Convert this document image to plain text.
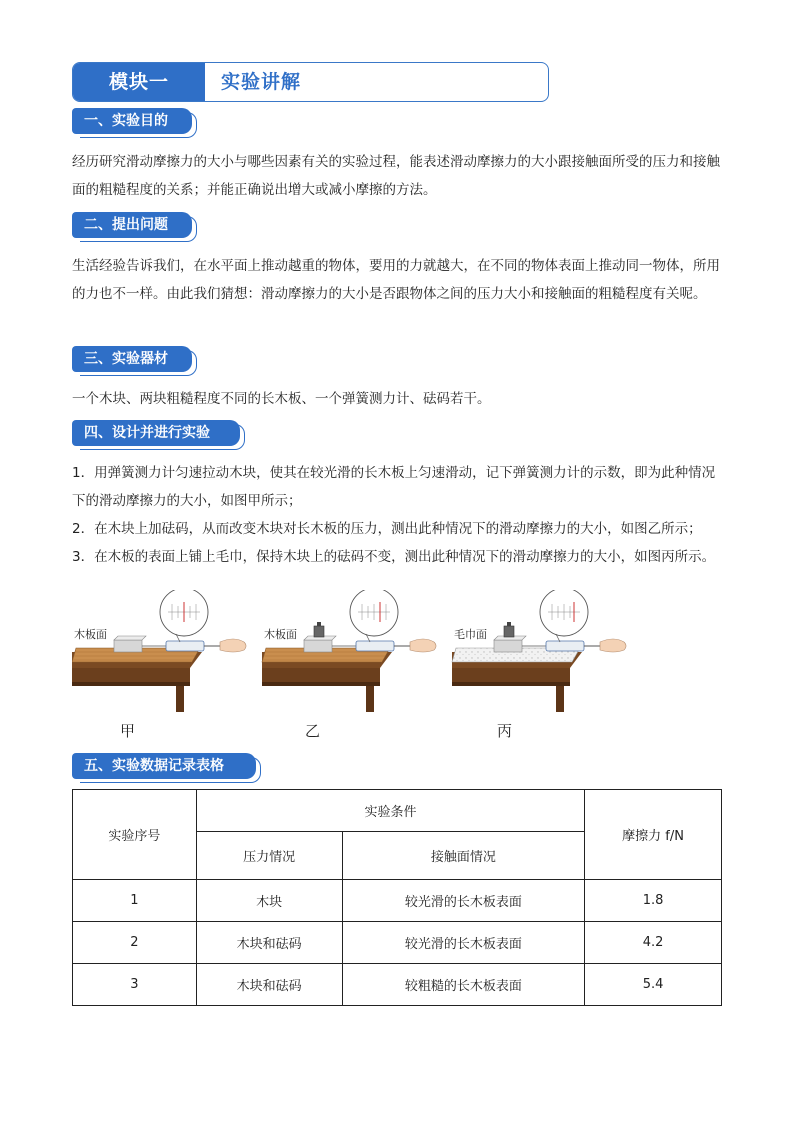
模块一	实验讲解
一、实验目的
经历研究滑动摩擦力的大小与哪些因素有关的实验过程，能表述滑动摩擦力的大小跟接触面所受的压力和接触面的粗糙程度的关系；并能正确说出增大或减小摩擦的方法。
二、提出问题
生活经验告诉我们，在水平面上推动越重的物体，要用的力就越大，在不同的物体表面上推动同一物体，所用的力也不一样。由此我们猜想：滑动摩擦力的大小是否跟物体之间的压力大小和接触面的粗糙程度有关呢。
三、实验器材
一个木块、两块粗糙程度不同的长木板、一个弹簧测力计、砝码若干。
四、设计并进行实验
1．用弹簧测力计匀速拉动木块，使其在较光滑的长木板上匀速滑动，记下弹簧测力计的示数，即为此种情况下的滑动摩擦力的大小，如图甲所示；
2．在木块上加砝码，从而改变木块对长木板的压力，测出此种情况下的滑动摩擦力的大小，如图乙所示；
3．在木板的表面上铺上毛巾，保持木块上的砝码不变，测出此种情况下的滑动摩擦力的大小，如图丙所示。
木板面	木板面	毛巾面
甲	乙	丙
五、实验数据记录表格
实验序号	实验条件		摩擦力 f/N
	压力情况	接触面情况	
1	木块	较光滑的长木板表面	1.8
2	木块和砝码	较光滑的长木板表面	4.2
3	木块和砝码	较粗糙的长木板表面	5.4
